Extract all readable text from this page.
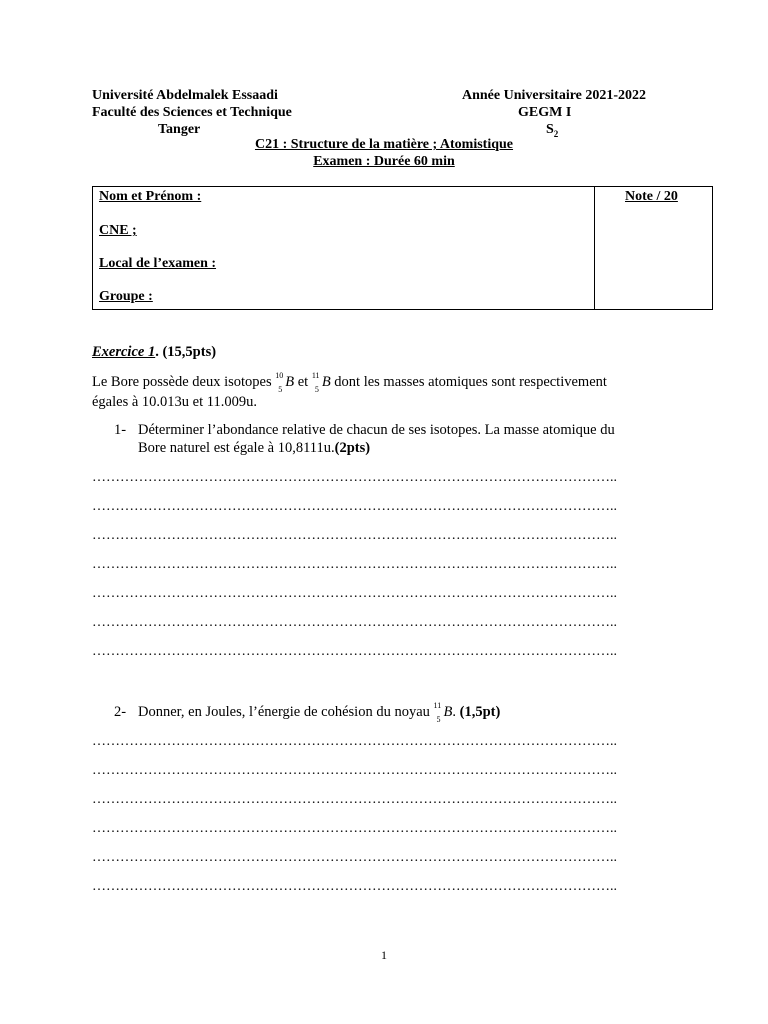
Université Abdelmalek Essaadi
Faculté des Sciences et Technique
Tanger
Année Universitaire 2021-2022
GEGM I
$S_2$
C21 : Structure de la matière ; Atomistique
Examen : Durée 60 min
Nom et Prénom :
CNE ;
Local de l’examen :
Groupe :
Note / 20
Exercice 1. (15,5pts)
Le Bore possède deux isotopes 10
5 B et 11
5 B dont les masses atomiques sont respectivement
égales à 10.013u et 11.009u.
1- Déterminer l’abondance relative de chacun de ses isotopes. La masse atomique du
Bore naturel est égale à 10,8111u.(2pts)
…………………………………………………………………………………………………..
…………………………………………………………………………………………………..
…………………………………………………………………………………………………..
…………………………………………………………………………………………………..
…………………………………………………………………………………………………..
…………………………………………………………………………………………………..
…………………………………………………………………………………………………..
2- Donner, en Joules, l’énergie de cohésion du noyau 11
5 B. (1,5pt)
…………………………………………………………………………………………………..
…………………………………………………………………………………………………..
…………………………………………………………………………………………………..
…………………………………………………………………………………………………..
…………………………………………………………………………………………………..
…………………………………………………………………………………………………..
1
